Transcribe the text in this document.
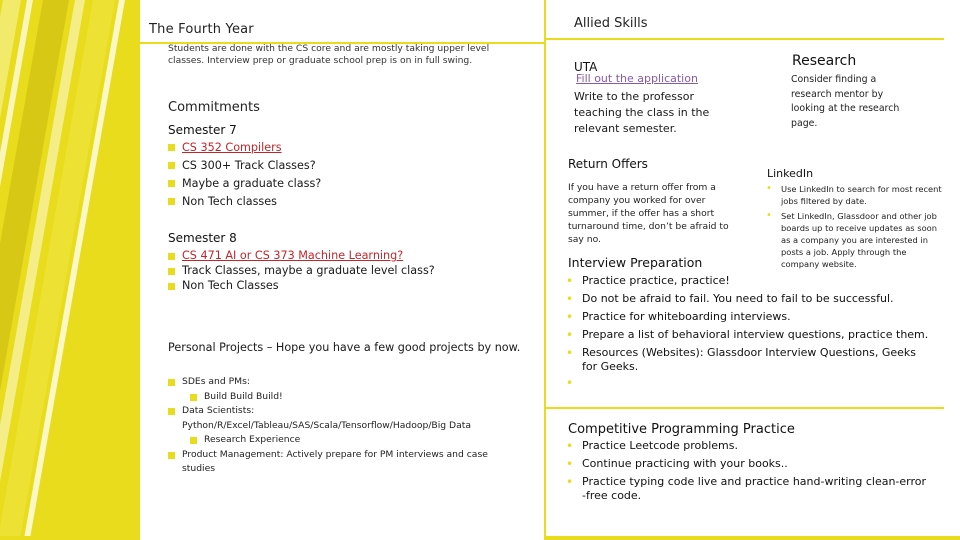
The Fourth Year
Students are done with the CS core and are mostly taking upper level classes. Interview prep or graduate school prep is on in full swing.
Commitments
Semester 7
CS 352 Compilers
CS 300+ Track Classes?
Maybe a graduate class?
Non Tech classes
Semester 8
CS 471 AI or CS 373 Machine Learning?
Track Classes, maybe a graduate level class?
Non Tech Classes
Personal Projects – Hope you have a few good projects by now.
SDEs and PMs:
Build Build Build!
Data Scientists: Python/R/Excel/Tableau/SAS/Scala/Tensorflow/Hadoop/Big Data
Research Experience
Product Management: Actively prepare for PM interviews and case studies
Allied Skills
UTA
Fill out the application
Write to the professor teaching the class in the relevant semester.
Research
Consider finding a research mentor by looking at the research page.
Return Offers
If you have a return offer from a company you worked for over summer, if the offer has a short turnaround time, don’t be afraid to say no.
LinkedIn
• Use LinkedIn to search for most recent jobs filtered by date.
• Set LinkedIn, Glassdoor and other job boards up to receive updates as soon as a company you are interested in posts a job. Apply through the company website.
Interview Preparation
• Practice practice, practice!
• Do not be afraid to fail. You need to fail to be successful.
• Practice for whiteboarding interviews.
• Prepare a list of behavioral interview questions, practice them.
• Resources (Websites): Glassdoor Interview Questions, Geeks
for Geeks.
•
Competitive Programming Practice
• Practice Leetcode problems.
• Continue practicing with your books..
• Practice typing code live and practice hand-writing clean-error
-free code.
